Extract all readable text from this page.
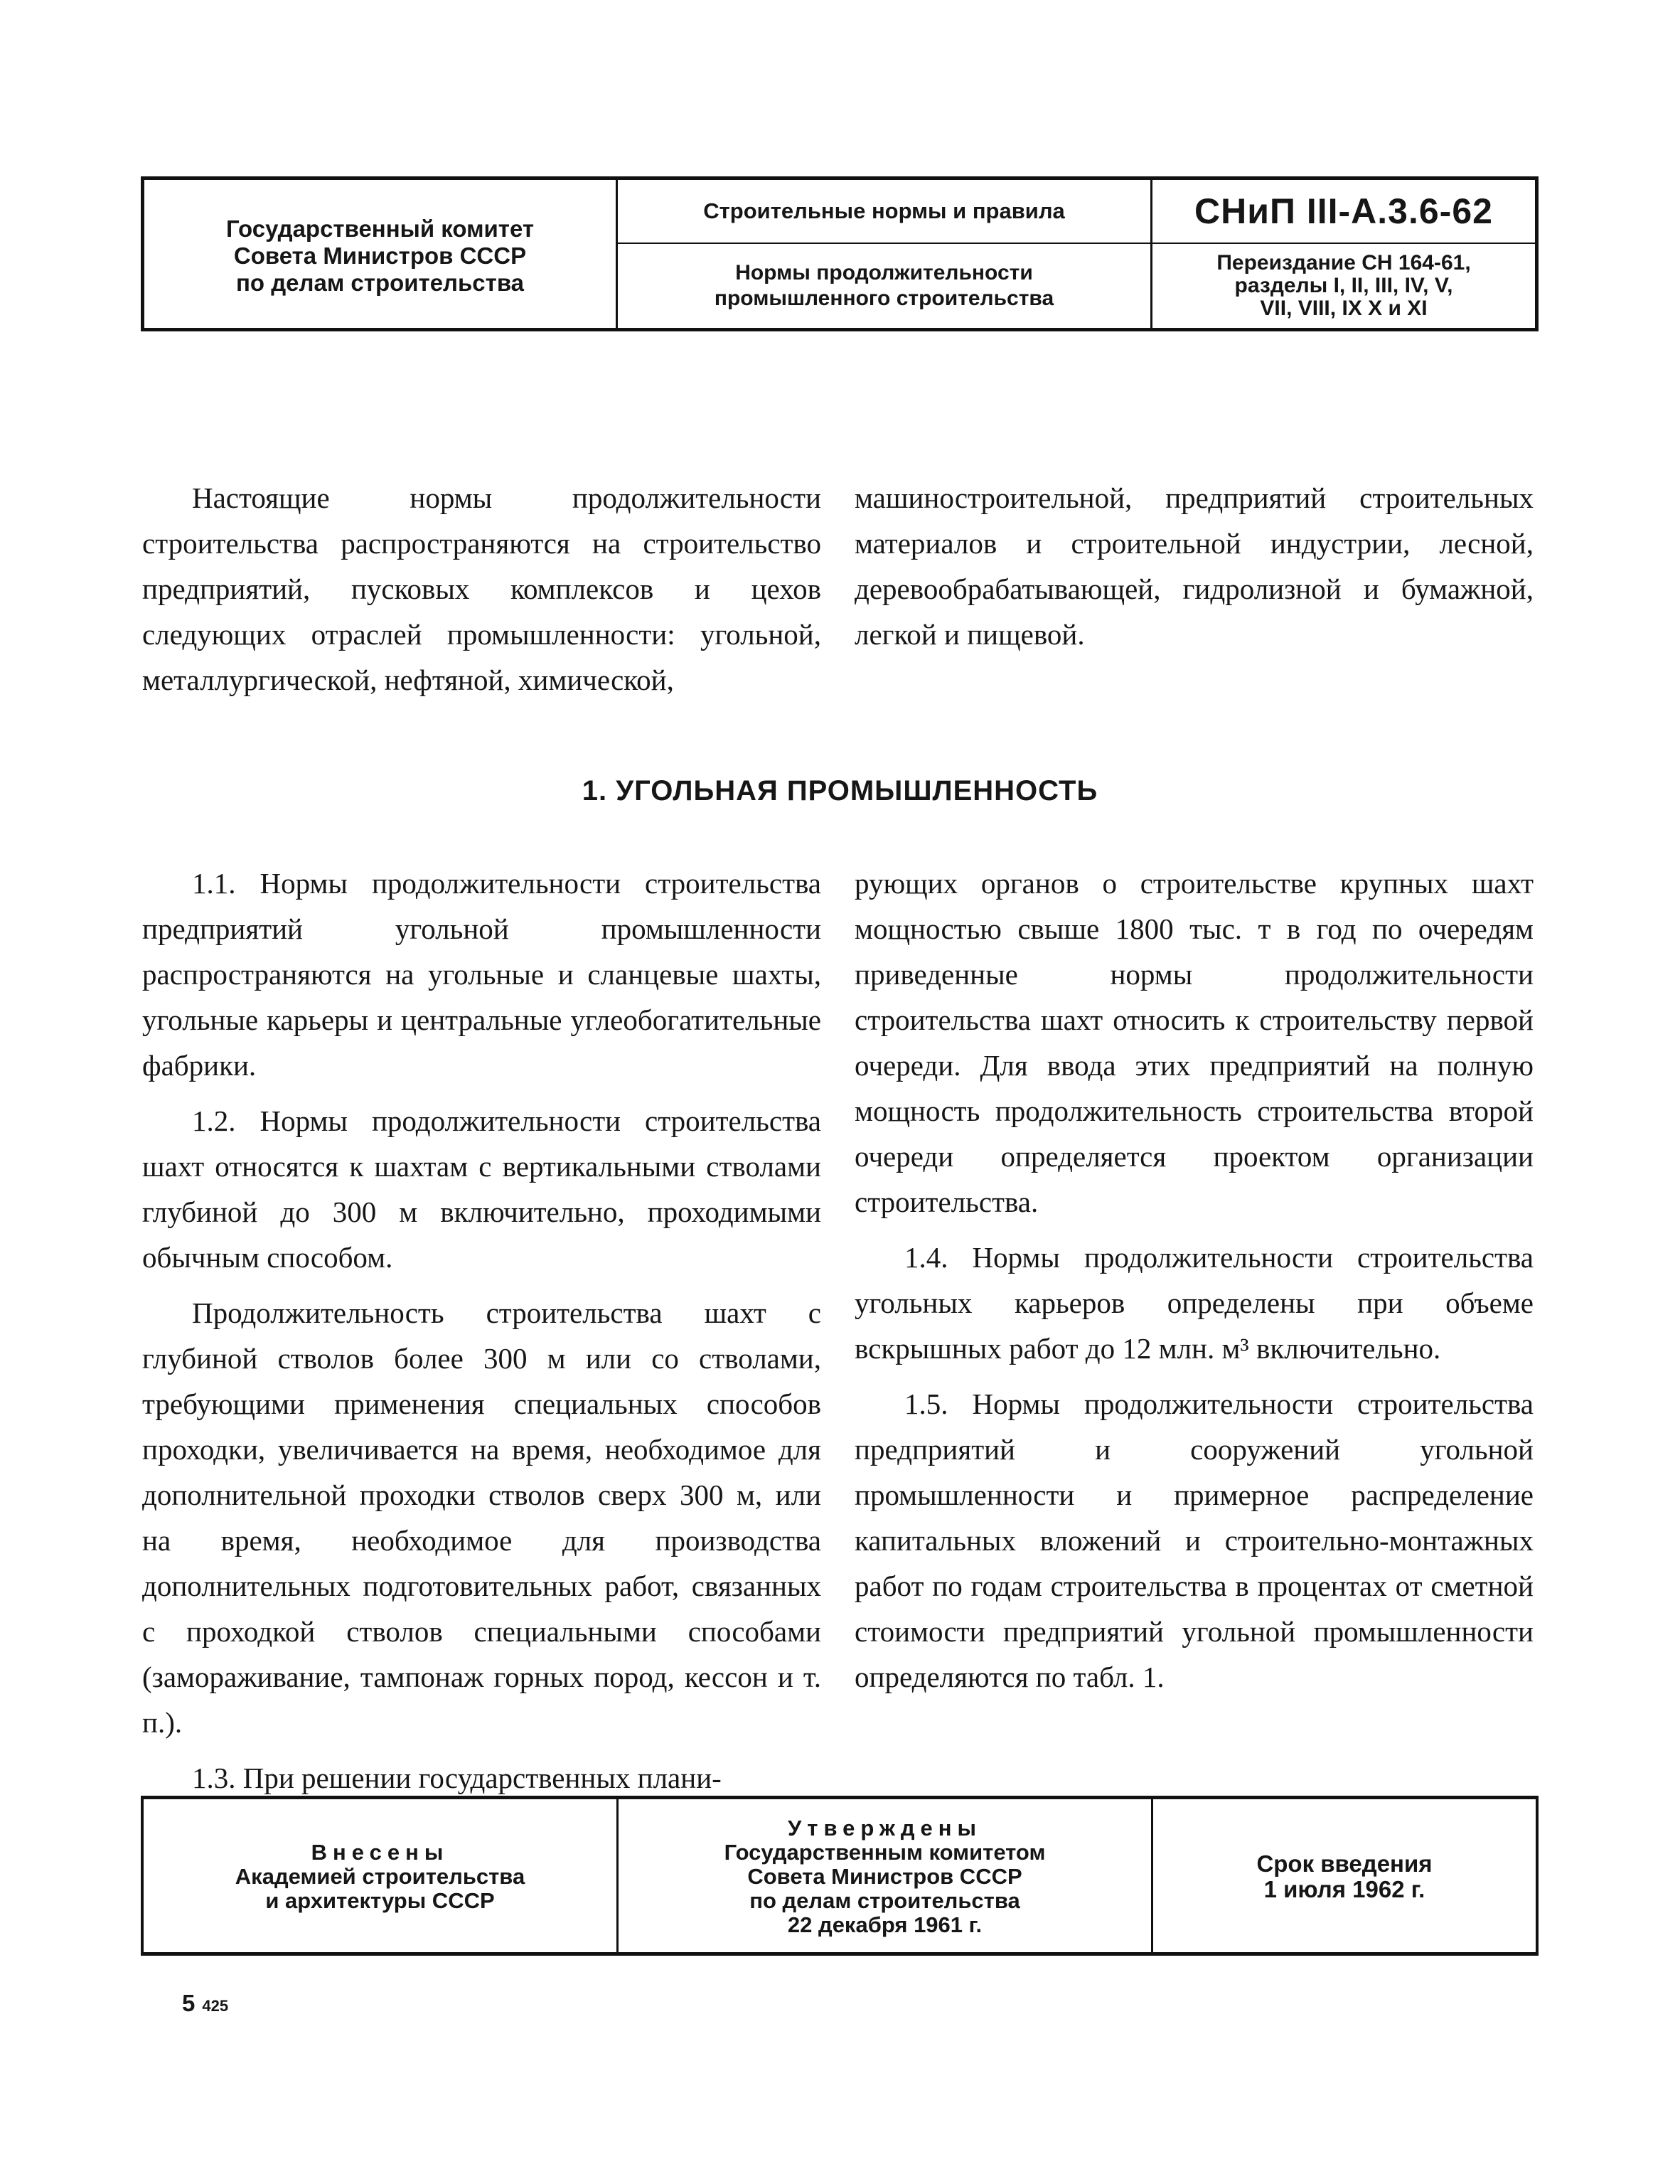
Государственный комитет
Совета Министров СССР
по делам строительства
Строительные нормы и правила
Нормы продолжительности
промышленного строительства
СНиП III-А.3.6-62
Переиздание СН 164-61,
разделы I, II, III, IV, V,
VII, VIII, IX X и XI

Настоящие нормы продолжительности строительства распространяются на строительство предприятий, пусковых комплексов и цехов следующих отраслей промышленности: угольной, металлургической, нефтяной, химической,

машиностроительной, предприятий строительных материалов и строительной индустрии, лесной, деревообрабатывающей, гидролизной и бумажной, легкой и пищевой.

1. УГОЛЬНАЯ ПРОМЫШЛЕННОСТЬ

1.1. Нормы продолжительности строительства предприятий угольной промышленности распространяются на угольные и сланцевые шахты, угольные карьеры и центральные углеобогатительные фабрики.

1.2. Нормы продолжительности строительства шахт относятся к шахтам с вертикальными стволами глубиной до 300 м включительно, проходимыми обычным способом.

Продолжительность строительства шахт с глубиной стволов более 300 м или со стволами, требующими применения специальных способов проходки, увеличивается на время, необходимое для дополнительной проходки стволов сверх 300 м, или на время, необходимое для производства дополнительных подготовительных работ, связанных с проходкой стволов специальными способами (замораживание, тампонаж горных пород, кессон и т. п.).

1.3. При решении государственных плани-

рующих органов о строительстве крупных шахт мощностью свыше 1800 тыс. т в год по очередям приведенные нормы продолжительности строительства шахт относить к строительству первой очереди. Для ввода этих предприятий на полную мощность продолжительность строительства второй очереди определяется проектом организации строительства.

1.4. Нормы продолжительности строительства угольных карьеров определены при объеме вскрышных работ до 12 млн. м³ включительно.

1.5. Нормы продолжительности строительства предприятий и сооружений угольной промышленности и примерное распределение капитальных вложений и строительно-монтажных работ по годам строительства в процентах от сметной стоимости предприятий угольной промышленности определяются по табл. 1.

Внесены
Академией строительства
и архитектуры СССР
Утверждены
Государственным комитетом
Совета Министров СССР
по делам строительства
22 декабря 1961 г.
Срок введения
1 июля 1962 г.
5 425
